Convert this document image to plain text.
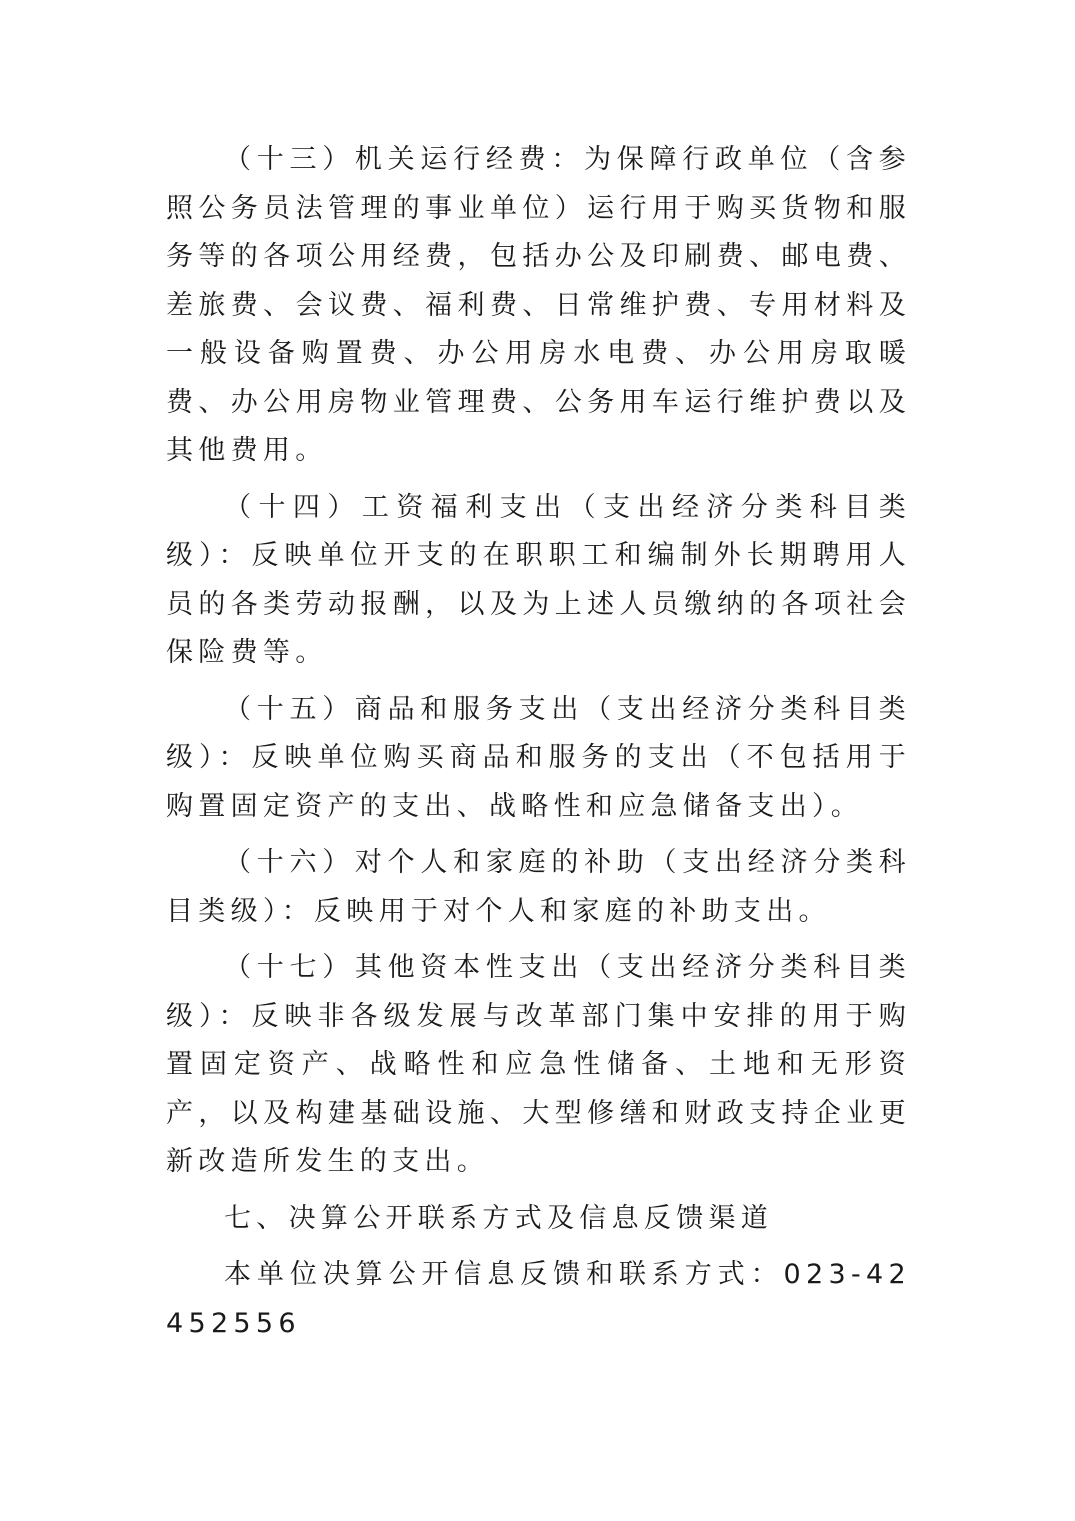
（十三）机关运行经费：为保障行政单位（含参照公务员法管理的事业单位）运行用于购买货物和服务等的各项公用经费，包括办公及印刷费、邮电费、差旅费、会议费、福利费、日常维护费、专用材料及一般设备购置费、办公用房水电费、办公用房取暖费、办公用房物业管理费、公务用车运行维护费以及其他费用。

（十四）工资福利支出（支出经济分类科目类级）：反映单位开支的在职职工和编制外长期聘用人员的各类劳动报酬，以及为上述人员缴纳的各项社会保险费等。

（十五）商品和服务支出（支出经济分类科目类级）：反映单位购买商品和服务的支出（不包括用于购置固定资产的支出、战略性和应急储备支出）。

（十六）对个人和家庭的补助（支出经济分类科目类级）：反映用于对个人和家庭的补助支出。

（十七）其他资本性支出（支出经济分类科目类级）：反映非各级发展与改革部门集中安排的用于购置固定资产、战略性和应急性储备、土地和无形资产，以及构建基础设施、大型修缮和财政支持企业更新改造所发生的支出。

七、决算公开联系方式及信息反馈渠道

本单位决算公开信息反馈和联系方式：023-42452556
